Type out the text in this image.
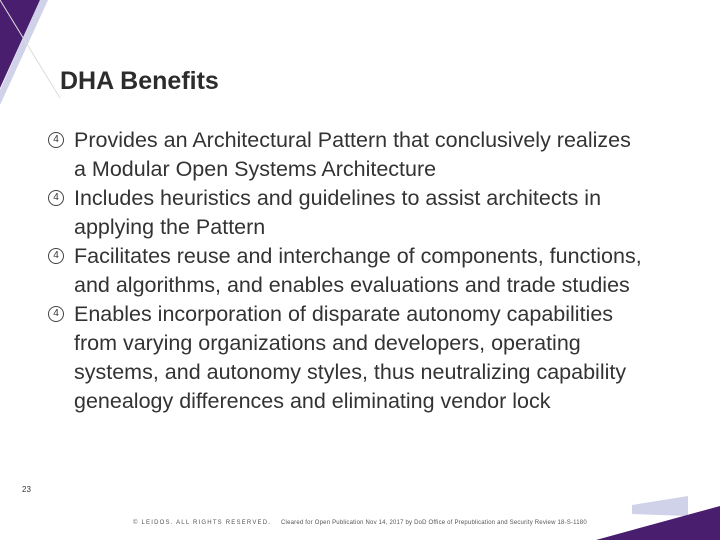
DHA Benefits
4 Provides an Architectural Pattern that conclusively realizes a Modular Open Systems Architecture
4 Includes heuristics and guidelines to assist architects in applying the Pattern
4 Facilitates reuse and interchange of components, functions, and algorithms, and enables evaluations and trade studies
4 Enables incorporation of disparate autonomy capabilities from varying organizations and developers, operating systems, and autonomy styles, thus neutralizing capability genealogy differences and eliminating vendor lock
23
© LEIDOS. ALL RIGHTS RESERVED. Cleared for Open Publication Nov 14, 2017 by DoD Office of Prepublication and Security Review 18-S-1180
